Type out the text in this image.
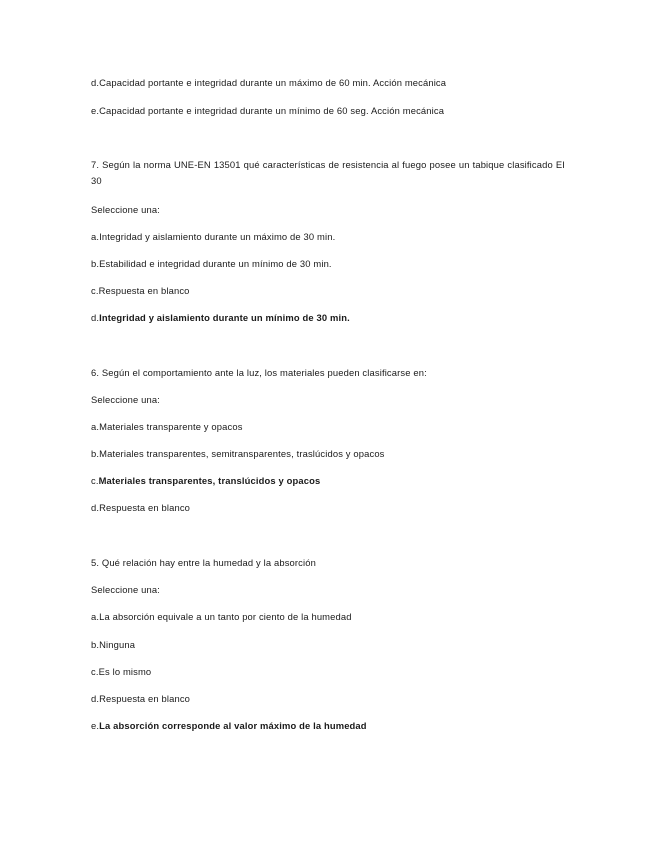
d.Capacidad portante e integridad durante un máximo de 60 min. Acción mecánica
e.Capacidad portante e integridad durante un mínimo de 60 seg. Acción mecánica
7. Según la norma UNE-EN 13501 qué características de resistencia al fuego posee un tabique clasificado EI 30
Seleccione una:
a.Integridad y aislamiento durante un máximo de 30 min.
b.Estabilidad e integridad durante un mínimo de 30 min.
c.Respuesta en blanco
d.Integridad y aislamiento durante un mínimo de 30 min.
6. Según el comportamiento ante la luz, los materiales pueden clasificarse en:
Seleccione una:
a.Materiales transparente y opacos
b.Materiales transparentes, semitransparentes, traslúcidos y opacos
c.Materiales transparentes, translúcidos y opacos
d.Respuesta en blanco
5. Qué relación hay entre la humedad y la absorción
Seleccione una:
a.La absorción equivale a un tanto por ciento de la humedad
b.Ninguna
c.Es lo mismo
d.Respuesta en blanco
e.La absorción corresponde al valor máximo de la humedad
